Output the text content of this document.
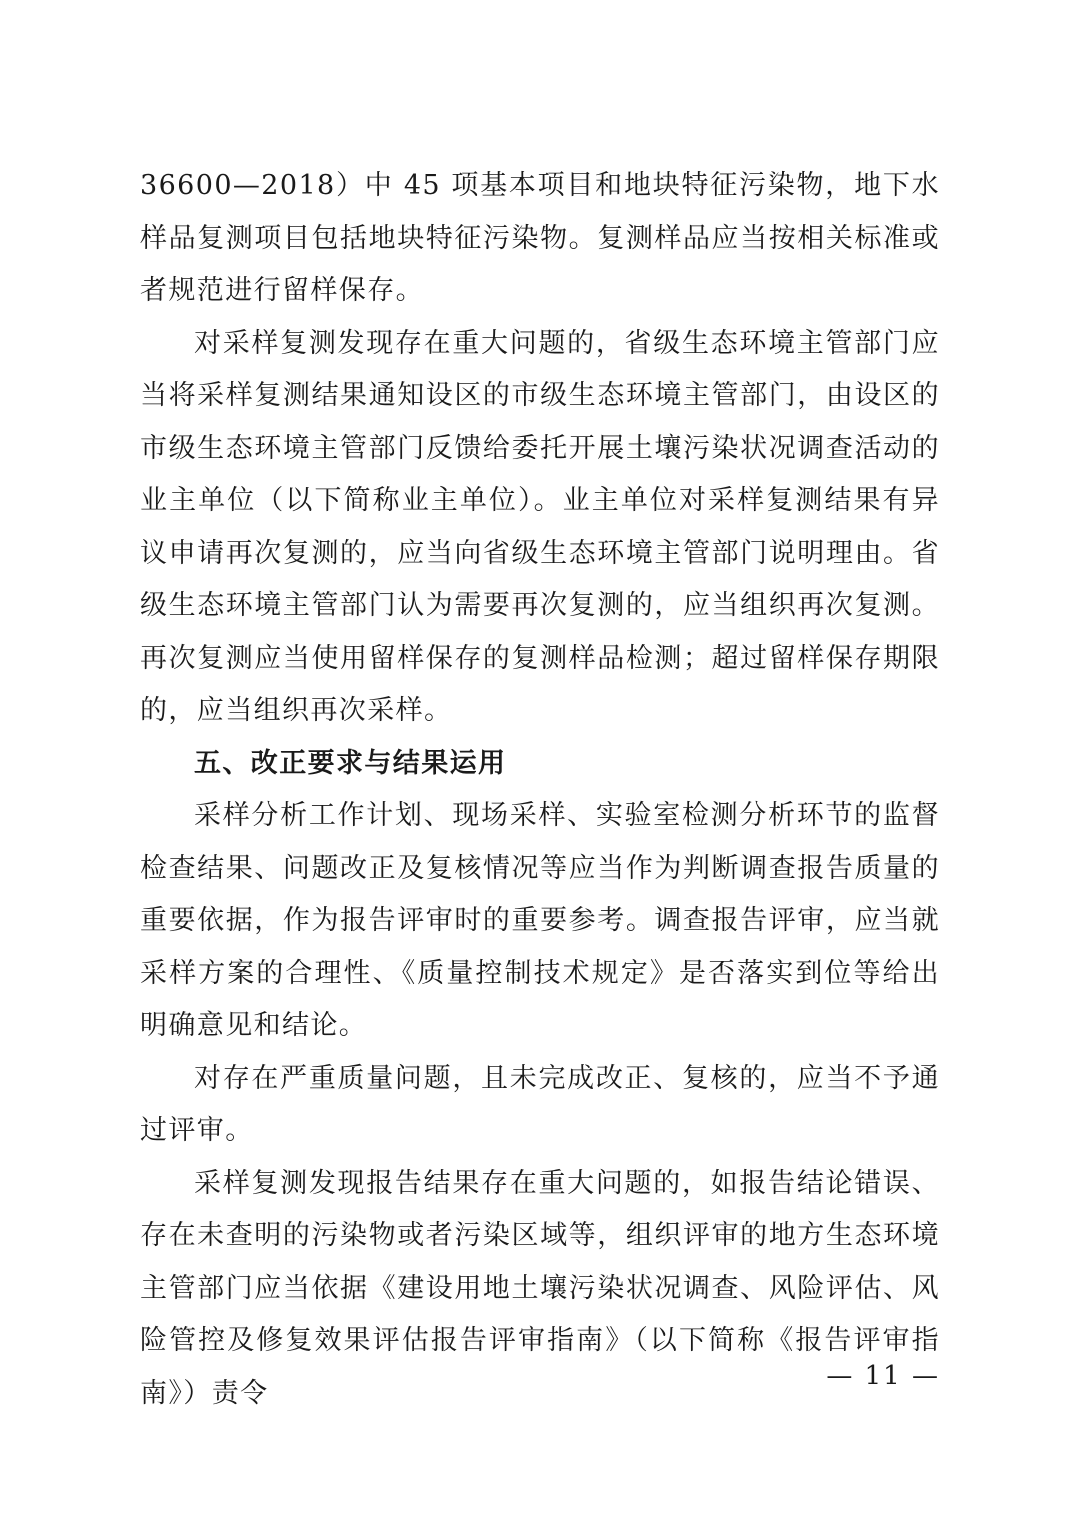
36600—2018）中 45 项基本项目和地块特征污染物，地下水样品复测项目包括地块特征污染物。复测样品应当按相关标准或者规范进行留样保存。

对采样复测发现存在重大问题的，省级生态环境主管部门应当将采样复测结果通知设区的市级生态环境主管部门，由设区的市级生态环境主管部门反馈给委托开展土壤污染状况调查活动的业主单位（以下简称业主单位）。业主单位对采样复测结果有异议申请再次复测的，应当向省级生态环境主管部门说明理由。省级生态环境主管部门认为需要再次复测的，应当组织再次复测。再次复测应当使用留样保存的复测样品检测；超过留样保存期限的，应当组织再次采样。

五、改正要求与结果运用

采样分析工作计划、现场采样、实验室检测分析环节的监督检查结果、问题改正及复核情况等应当作为判断调查报告质量的重要依据，作为报告评审时的重要参考。调查报告评审，应当就采样方案的合理性、《质量控制技术规定》是否落实到位等给出明确意见和结论。

对存在严重质量问题，且未完成改正、复核的，应当不予通过评审。

采样复测发现报告结果存在重大问题的，如报告结论错误、存在未查明的污染物或者污染区域等，组织评审的地方生态环境主管部门应当依据《建设用地土壤污染状况调查、风险评估、风险管控及修复效果评估报告评审指南》（以下简称《报告评审指南》）责令

— 11 —
